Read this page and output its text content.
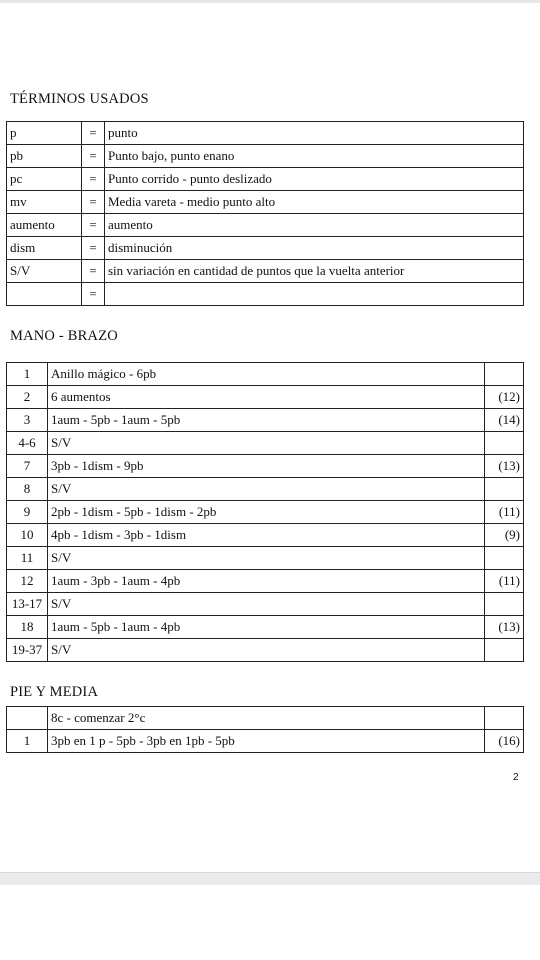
TÉRMINOS USADOS
p	=	punto
pb	=	Punto bajo, punto enano
pc	=	Punto corrido - punto deslizado
mv	=	Media vareta - medio punto alto
aumento	=	aumento
dism	=	disminución
S/V	=	sin variación en cantidad de puntos que la vuelta anterior
	=	
MANO - BRAZO
1	Anillo mágico - 6pb	
2	6 aumentos	(12)
3	1aum - 5pb - 1aum - 5pb	(14)
4-6	S/V	
7	3pb - 1dism - 9pb	(13)
8	S/V	
9	2pb - 1dism - 5pb - 1dism - 2pb	(11)
10	4pb - 1dism - 3pb - 1dism	(9)
11	S/V	
12	1aum - 3pb - 1aum - 4pb	(11)
13-17	S/V	
18	1aum - 5pb - 1aum - 4pb	(13)
19-37	S/V	
PIE Y MEDIA
	8c - comenzar 2°c	
1	3pb en 1 p - 5pb - 3pb en 1pb - 5pb	(16)
2
